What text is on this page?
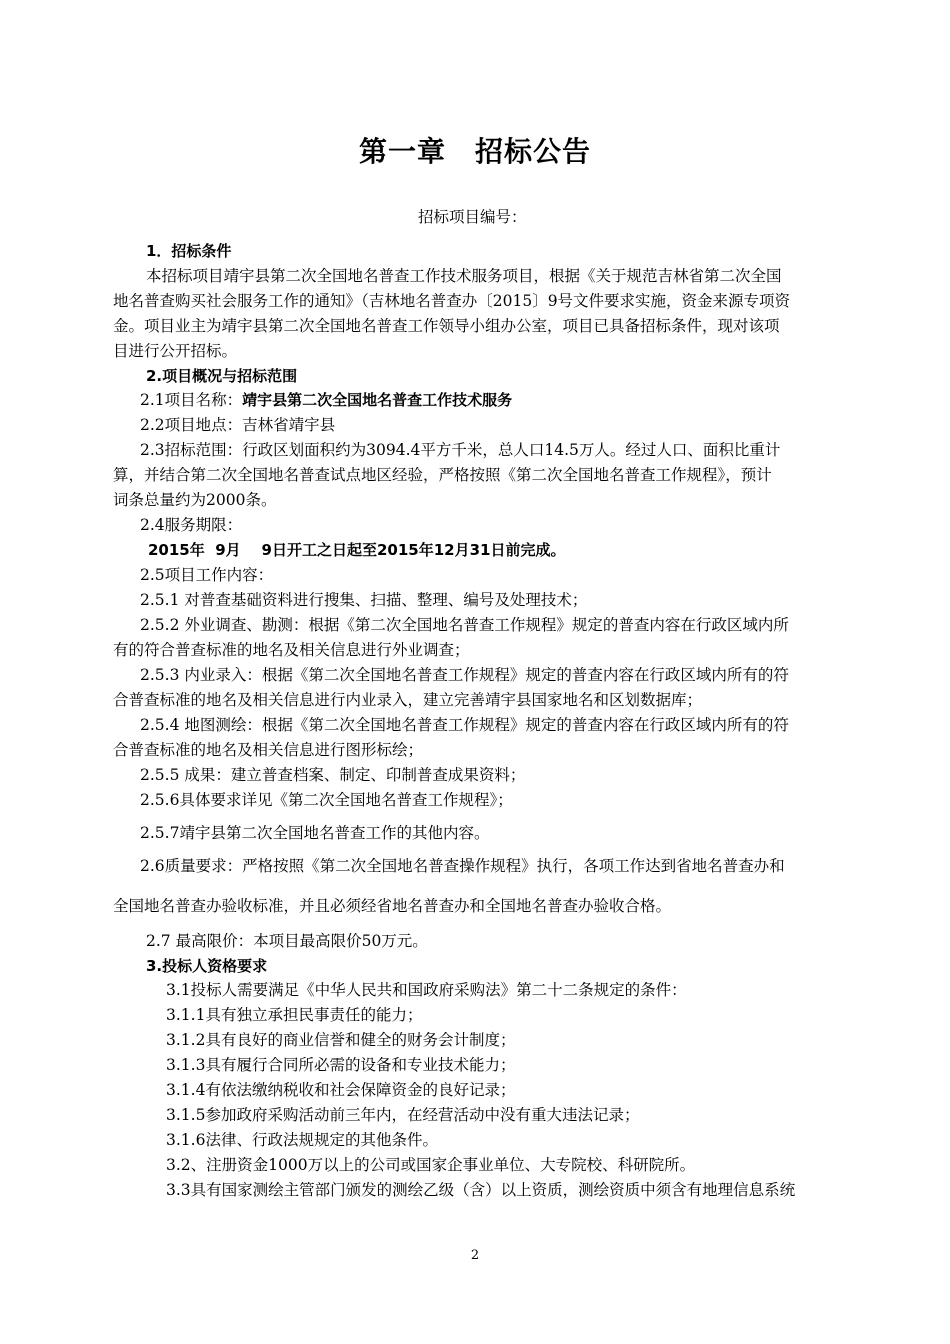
第一章　招标公告
招标项目编号：
1．招标条件
本招标项目靖宇县第二次全国地名普查工作技术服务项目，根据《关于规范吉林省第二次全国
地名普查购买社会服务工作的通知》（吉林地名普查办〔2015〕9号文件要求实施，资金来源专项资
金。项目业主为靖宇县第二次全国地名普查工作领导小组办公室，项目已具备招标条件，现对该项
目进行公开招标。
2.项目概况与招标范围
2.1项目名称：靖宇县第二次全国地名普查工作技术服务
2.2项目地点：吉林省靖宇县
2.3招标范围：行政区划面积约为3094.4平方千米，总人口14.5万人。经过人口、面积比重计
算，并结合第二次全国地名普查试点地区经验，严格按照《第二次全国地名普查工作规程》，预计
词条总量约为2000条。
2.4服务期限：
2015年  9月    9日开工之日起至2015年12月31日前完成。
2.5项目工作内容：
2.5.1 对普查基础资料进行搜集、扫描、整理、编号及处理技术；
2.5.2 外业调查、勘测：根据《第二次全国地名普查工作规程》规定的普查内容在行政区域内所
有的符合普查标准的地名及相关信息进行外业调查；
2.5.3 内业录入：根据《第二次全国地名普查工作规程》规定的普查内容在行政区域内所有的符
合普查标准的地名及相关信息进行内业录入，建立完善靖宇县国家地名和区划数据库；
2.5.4 地图测绘：根据《第二次全国地名普查工作规程》规定的普查内容在行政区域内所有的符
合普查标准的地名及相关信息进行图形标绘；
2.5.5 成果：建立普查档案、制定、印制普查成果资料；
2.5.6具体要求详见《第二次全国地名普查工作规程》；
2.5.7靖宇县第二次全国地名普查工作的其他内容。
2.6质量要求：严格按照《第二次全国地名普查操作规程》执行，各项工作达到省地名普查办和
全国地名普查办验收标准，并且必须经省地名普查办和全国地名普查办验收合格。
2.7 最高限价：本项目最高限价50万元。
3.投标人资格要求
3.1投标人需要满足《中华人民共和国政府采购法》第二十二条规定的条件：
3.1.1具有独立承担民事责任的能力；
3.1.2具有良好的商业信誉和健全的财务会计制度；
3.1.3具有履行合同所必需的设备和专业技术能力；
3.1.4有依法缴纳税收和社会保障资金的良好记录；
3.1.5参加政府采购活动前三年内，在经营活动中没有重大违法记录；
3.1.6法律、行政法规规定的其他条件。
3.2、注册资金1000万以上的公司或国家企事业单位、大专院校、科研院所。
3.3具有国家测绘主管部门颁发的测绘乙级（含）以上资质，测绘资质中须含有地理信息系统
2
